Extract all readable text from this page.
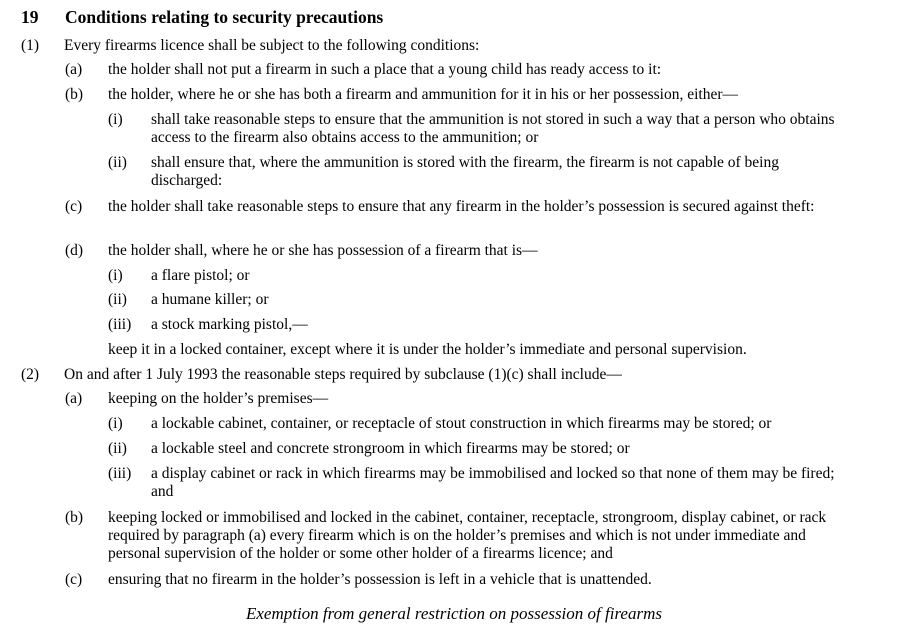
19 Conditions relating to security precautions
(1) Every firearms licence shall be subject to the following conditions:
(a) the holder shall not put a firearm in such a place that a young child has ready access to it:
(b) the holder, where he or she has both a firearm and ammunition for it in his or her possession, either—
(i) shall take reasonable steps to ensure that the ammunition is not stored in such a way that a person who obtains access to the firearm also obtains access to the ammunition; or
(ii) shall ensure that, where the ammunition is stored with the firearm, the firearm is not capable of being discharged:
(c) the holder shall take reasonable steps to ensure that any firearm in the holder’s possession is secured against theft:
(d) the holder shall, where he or she has possession of a firearm that is—
(i) a flare pistol; or
(ii) a humane killer; or
(iii) a stock marking pistol,—
keep it in a locked container, except where it is under the holder’s immediate and personal supervision.
(2) On and after 1 July 1993 the reasonable steps required by subclause (1)(c) shall include—
(a) keeping on the holder’s premises—
(i) a lockable cabinet, container, or receptacle of stout construction in which firearms may be stored; or
(ii) a lockable steel and concrete strongroom in which firearms may be stored; or
(iii) a display cabinet or rack in which firearms may be immobilised and locked so that none of them may be fired; and
(b) keeping locked or immobilised and locked in the cabinet, container, receptacle, strongroom, display cabinet, or rack required by paragraph (a) every firearm which is on the holder’s premises and which is not under immediate and personal supervision of the holder or some other holder of a firearms licence; and
(c) ensuring that no firearm in the holder’s possession is left in a vehicle that is unattended.
Exemption from general restriction on possession of firearms
